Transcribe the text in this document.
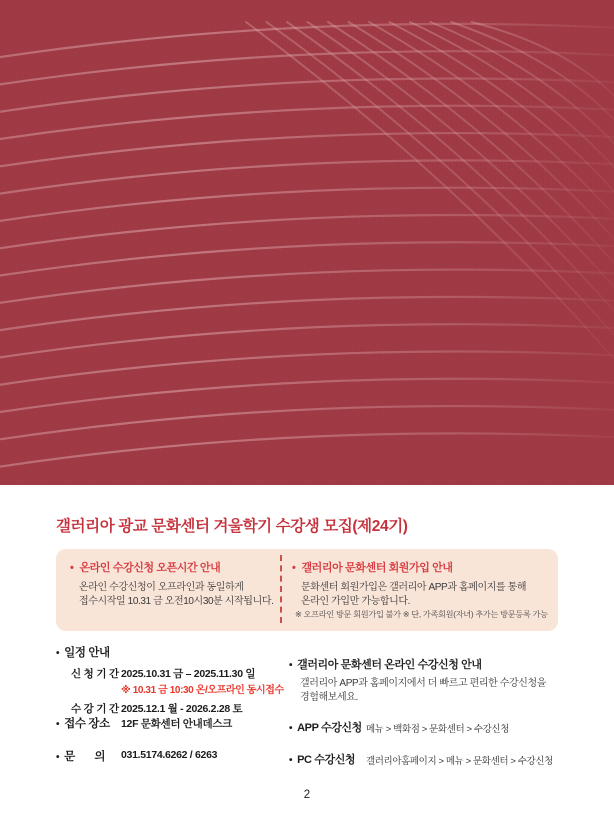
갤러리아 광교 문화센터 겨울학기 수강생 모집(제24기)
• 온라인 수강신청 오픈시간 안내
온라인 수강신청이 오프라인과 동일하게
접수시작일 10.31 금 오전10시30분 시작됩니다.
• 갤러리아 문화센터 회원가입 안내
문화센터 회원가입은 갤러리아 APP과 홈페이지를 통해
온라인 가입만 가능합니다.
※ 오프라인 방문 회원가입 불가 ※ 단, 가족회원(자녀) 추가는 방문등록 가능
• 일정 안내
신 청 기 간 2025.10.31 금 – 2025.11.30 일
※ 10.31 금 10:30 온/오프라인 동시접수
수 강 기 간 2025.12.1 월 - 2026.2.28 토
• 접수 장소 12F 문화센터 안내데스크
• 문       의 031.5174.6262 / 6263
• 갤러리아 문화센터 온라인 수강신청 안내
갤러리아 APP과 홈페이지에서 더 빠르고 편리한 수강신청을
경험해보세요.
• APP 수강신청 메뉴 > 백화점 > 문화센터 > 수강신청
• PC 수강신청 갤러리아홈페이지 > 메뉴 > 문화센터 > 수강신청
2
